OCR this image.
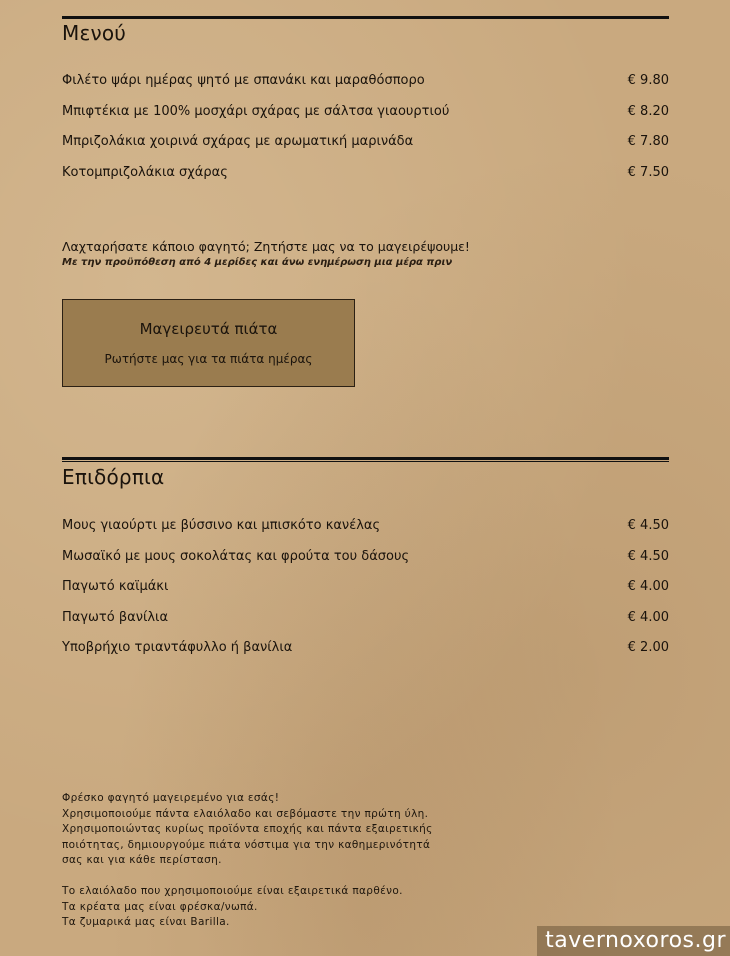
Μενού
Φιλέτο ψάρι ημέρας ψητό με σπανάκι και μαραθόσπορο	€ 9.80
Μπιφτέκια με 100% μοσχάρι σχάρας με σάλτσα γιαουρτιού	€ 8.20
Μπριζολάκια χοιρινά σχάρας με αρωματική μαρινάδα	€ 7.80
Κοτομπριζολάκια σχάρας	€ 7.50
Λαχταρήσατε κάποιο φαγητό; Ζητήστε μας να το μαγειρέψουμε!
Με την προϋπόθεση από 4 μερίδες και άνω ενημέρωση μια μέρα πριν
Μαγειρευτά πιάτα
Ρωτήστε μας για τα πιάτα ημέρας
Επιδόρπια
Μους γιαούρτι με βύσσινο και μπισκότο κανέλας	€ 4.50
Μωσαϊκό με μους σοκολάτας και φρούτα του δάσους	€ 4.50
Παγωτό καϊμάκι	€ 4.00
Παγωτό βανίλια	€ 4.00
Υποβρήχιο τριαντάφυλλο ή βανίλια	€ 2.00

Φρέσκο φαγητό μαγειρεμένο για εσάς!

Χρησιμοποιούμε πάντα ελαιόλαδο και σεβόμαστε την πρώτη ύλη.

Χρησιμοποιώντας κυρίως προϊόντα εποχής και πάντα εξαιρετικής

ποιότητας, δημιουργούμε πιάτα νόστιμα για την καθημερινότητά

σας και για κάθε περίσταση.

Το ελαιόλαδο που χρησιμοποιούμε είναι εξαιρετικά παρθένο.

Τα κρέατα μας είναι φρέσκα/νωπά.

Τα ζυμαρικά μας είναι Barilla.

tavernoxoros.gr
